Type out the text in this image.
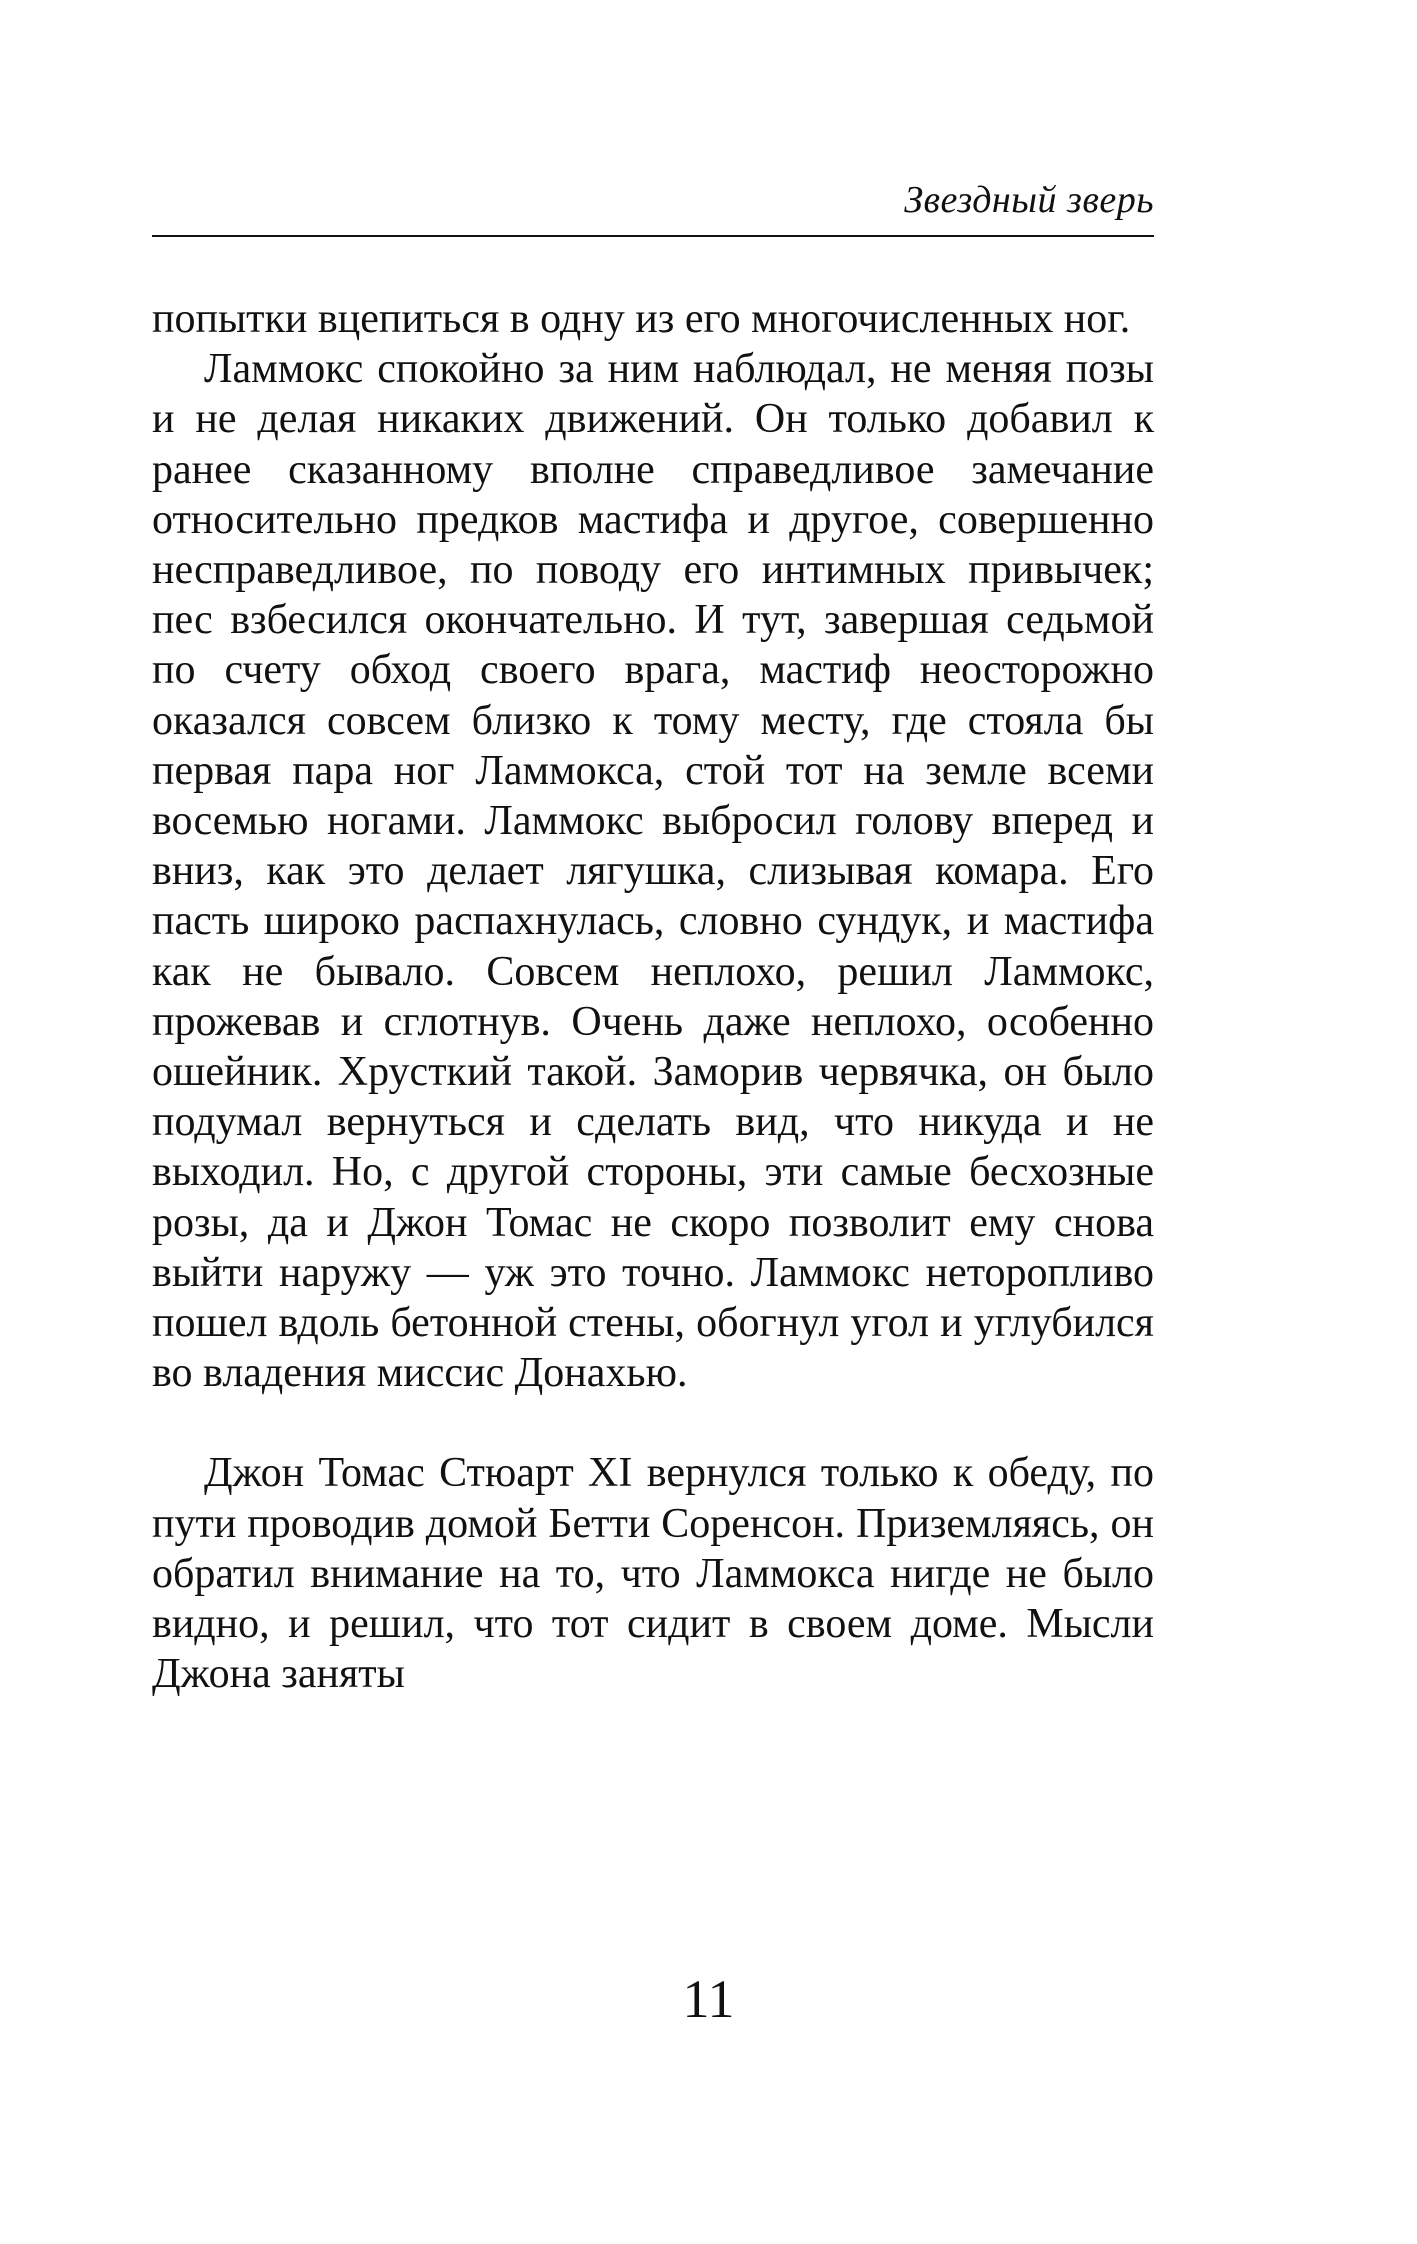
Звездный зверь

попытки вцепиться в одну из его многочисленных ног.

Ламмокс спокойно за ним наблюдал, не меняя позы и не делая никаких движений. Он только добавил к ранее сказанному вполне справедливое замечание относительно предков мастифа и другое, совершенно несправедливое, по поводу его интимных привычек; пес взбесился окончательно. И тут, завершая седьмой по счету обход своего врага, мастиф неосторожно оказался совсем близко к тому месту, где стояла бы первая пара ног Ламмокса, стой тот на земле всеми восемью ногами. Ламмокс выбросил голову вперед и вниз, как это делает лягушка, слизывая комара. Его пасть широко распахнулась, словно сундук, и мастифа как не бывало. Совсем неплохо, решил Ламмокс, прожевав и сглотнув. Очень даже неплохо, особенно ошейник. Хрусткий такой. Заморив червячка, он было подумал вернуться и сделать вид, что никуда и не выходил. Но, с другой стороны, эти самые бесхозные розы, да и Джон Томас не скоро позволит ему снова выйти наружу — уж это точно. Ламмокс неторопливо пошел вдоль бетонной стены, обогнул угол и углубился во владения миссис Донахью.

Джон Томас Стюарт XI вернулся только к обеду, по пути проводив домой Бетти Соренсон. Приземляясь, он обратил внимание на то, что Ламмокса нигде не было видно, и решил, что тот сидит в своем доме. Мысли Джона заняты

11
